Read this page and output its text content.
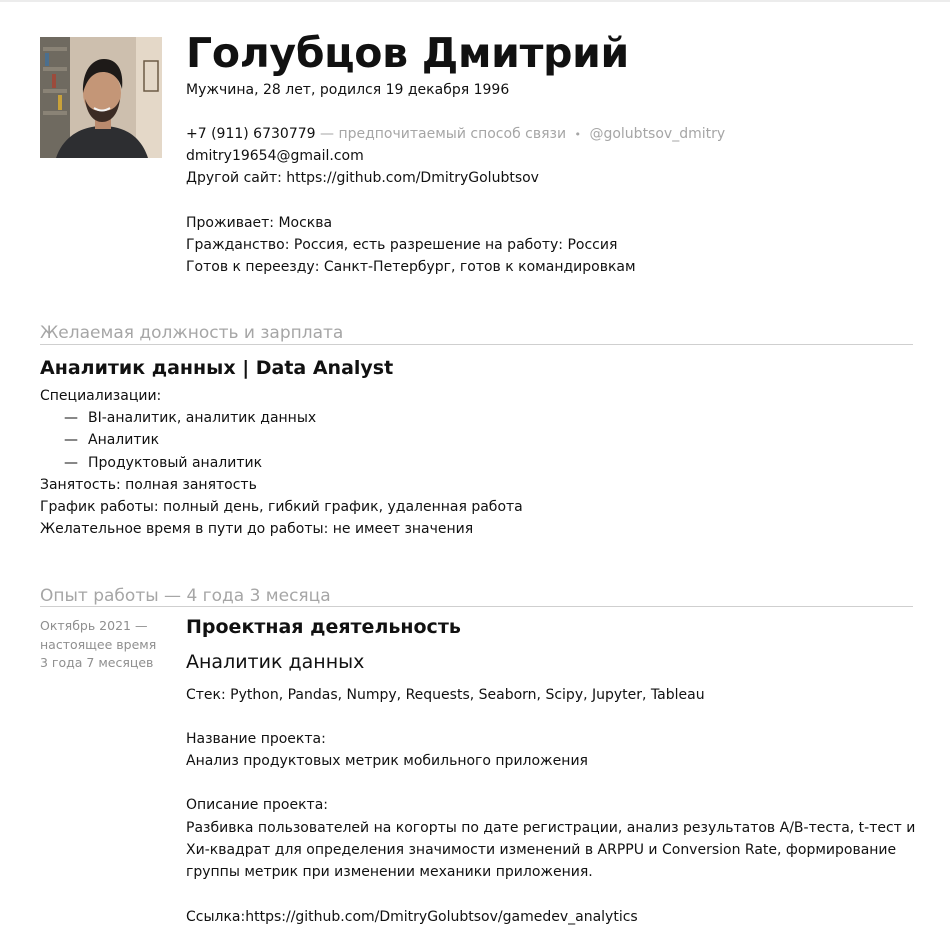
Голубцов Дмитрий
Мужчина, 28 лет, родился 19 декабря 1996
+7 (911) 6730779 — предпочитаемый способ связи • @golubtsov_dmitry
dmitry19654@gmail.com
Другой сайт: https://github.com/DmitryGolubtsov
Проживает: Москва
Гражданство: Россия, есть разрешение на работу: Россия
Готов к переезду: Санкт-Петербург, готов к командировкам
Желаемая должность и зарплата
Аналитик данных | Data Analyst
Специализации:
— BI-аналитик, аналитик данных
— Аналитик
— Продуктовый аналитик
Занятость: полная занятость
График работы: полный день, гибкий график, удаленная работа
Желательное время в пути до работы: не имеет значения
Опыт работы — 4 года 3 месяца
Октябрь 2021 —
настоящее время
3 года 7 месяцев
Проектная деятельность
Аналитик данных
Стек: Python, Pandas, Numpy, Requests, Seaborn, Scipy, Jupyter, Tableau
Название проекта:
Анализ продуктовых метрик мобильного приложения
Описание проекта:
Разбивка пользователей на когорты по дате регистрации, анализ результатов A/B-теста, t-тест и
Хи-квадрат для определения значимости изменений в ARPPU и Conversion Rate, формирование
группы метрик при изменении механики приложения.
Ссылка:https://github.com/DmitryGolubtsov/gamedev_analytics
